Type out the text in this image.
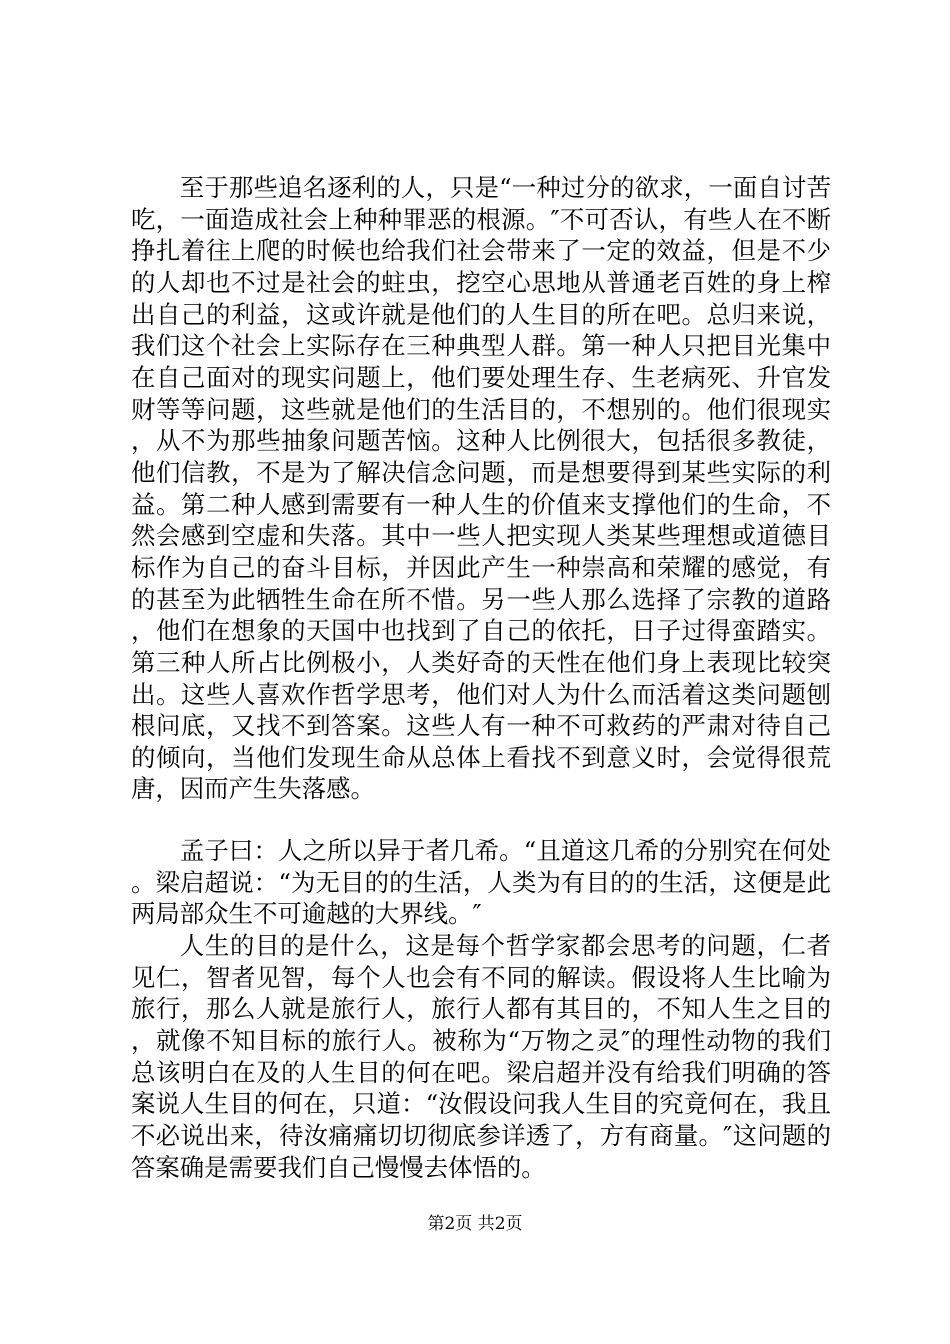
至于那些追名逐利的人，只是“一种过分的欲求，一面自讨苦吃，一面造成社会上种种罪恶的根源。″不可否认，有些人在不断挣扎着往上爬的时候也给我们社会带来了一定的效益，但是不少的人却也不过是社会的蛀虫，挖空心思地从普通老百姓的身上榨出自己的利益，这或许就是他们的人生目的所在吧。总归来说，我们这个社会上实际存在三种典型人群。第一种人只把目光集中在自己面对的现实问题上，他们要处理生存、生老病死、升官发财等等问题，这些就是他们的生活目的，不想别的。他们很现实，从不为那些抽象问题苦恼。这种人比例很大，包括很多教徒，他们信教，不是为了解决信念问题，而是想要得到某些实际的利益。第二种人感到需要有一种人生的价值来支撑他们的生命，不然会感到空虚和失落。其中一些人把实现人类某些理想或道德目标作为自己的奋斗目标，并因此产生一种崇高和荣耀的感觉，有的甚至为此牺牲生命在所不惜。另一些人那么选择了宗教的道路，他们在想象的天国中也找到了自己的依托，日子过得蛮踏实。第三种人所占比例极小，人类好奇的天性在他们身上表现比较突出。这些人喜欢作哲学思考，他们对人为什么而活着这类问题刨根问底，又找不到答案。这些人有一种不可救药的严肃对待自己的倾向，当他们发现生命从总体上看找不到意义时，会觉得很荒唐，因而产生失落感。

孟子曰：人之所以异于者几希。“且道这几希的分别究在何处。梁启超说：“为无目的的生活，人类为有目的的生活，这便是此两局部众生不可逾越的大界线。″

人生的目的是什么，这是每个哲学家都会思考的问题，仁者见仁，智者见智，每个人也会有不同的解读。假设将人生比喻为旅行，那么人就是旅行人，旅行人都有其目的，不知人生之目的，就像不知目标的旅行人。被称为“万物之灵″的理性动物的我们总该明白在及的人生目的何在吧。梁启超并没有给我们明确的答案说人生目的何在，只道：“汝假设问我人生目的究竟何在，我且不必说出来，待汝痛痛切切彻底参详透了，方有商量。″这问题的答案确是需要我们自己慢慢去体悟的。

第2页 共2页
